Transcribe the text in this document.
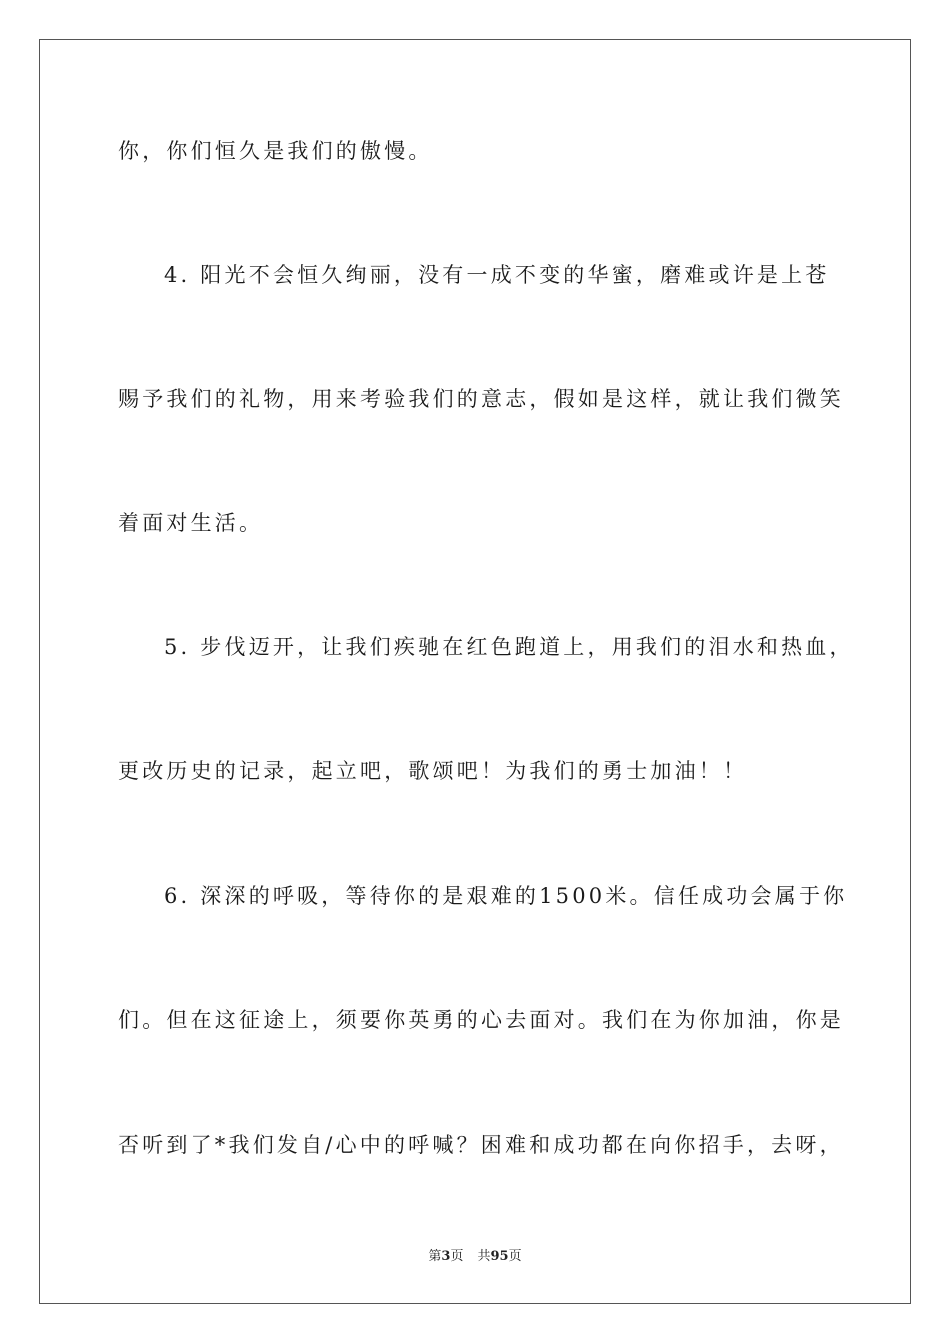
你，你们恒久是我们的傲慢。
4. 阳光不会恒久绚丽，没有一成不变的华蜜，磨难或许是上苍
赐予我们的礼物，用来考验我们的意志，假如是这样，就让我们微笑
着面对生活。
5. 步伐迈开，让我们疾驰在红色跑道上，用我们的泪水和热血，
更改历史的记录，起立吧，歌颂吧！为我们的勇士加油！！
6. 深深的呼吸，等待你的是艰难的1500米。信任成功会属于你
们。但在这征途上，须要你英勇的心去面对。我们在为你加油，你是
否听到了*我们发自/心中的呼喊？困难和成功都在向你招手，去呀，
第3页 共95页
